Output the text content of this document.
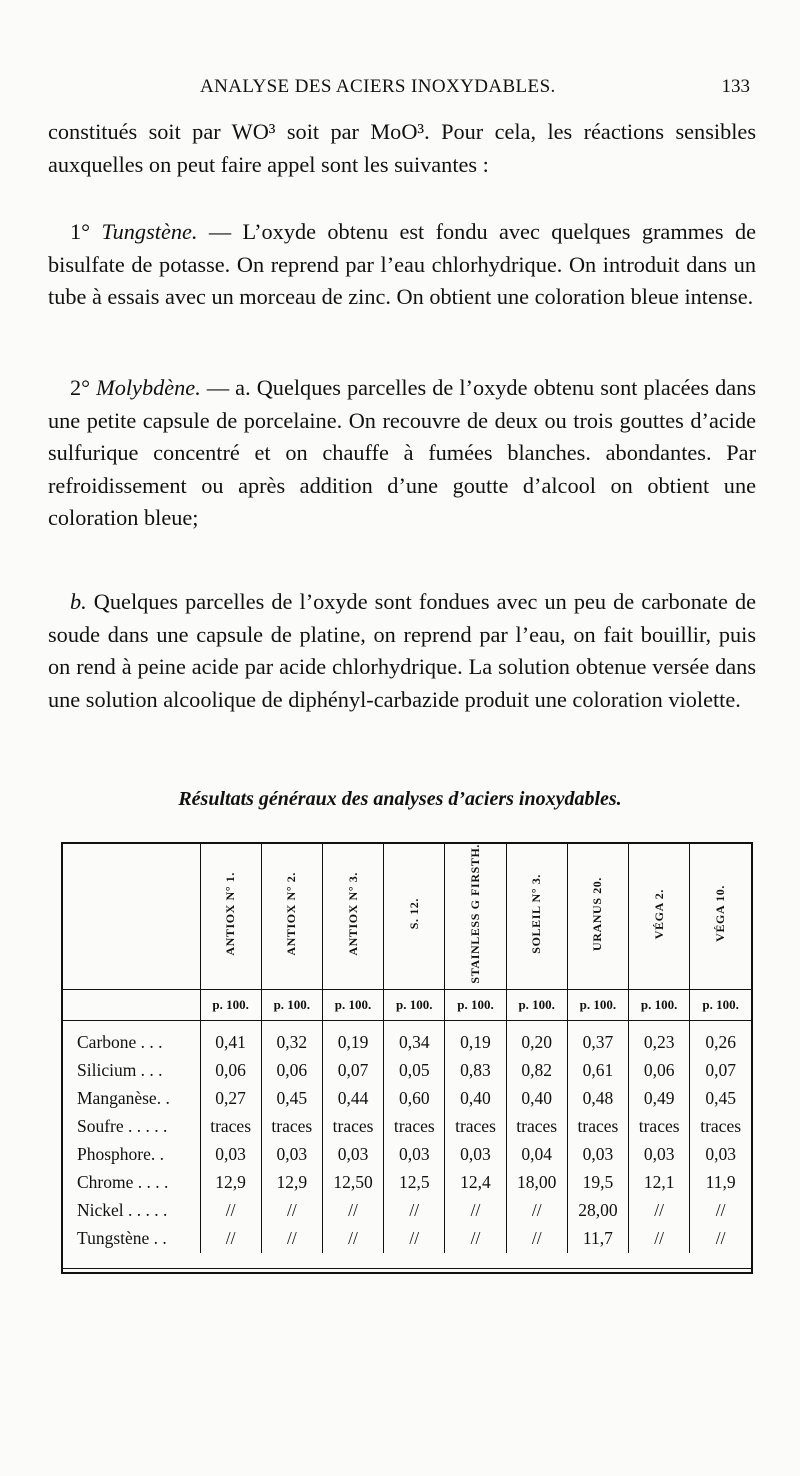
ANALYSE DES ACIERS INOXYDABLES.	133

constitués soit par WO³ soit par MoO³. Pour cela, les réactions sensibles auxquelles on peut faire appel sont les suivantes :

1° Tungstène. — L’oxyde obtenu est fondu avec quelques grammes de bisulfate de potasse. On reprend par l’eau chlorhydrique. On introduit dans un tube à essais avec un morceau de zinc. On obtient une coloration bleue intense.

2° Molybdène. — a. Quelques parcelles de l’oxyde obtenu sont placées dans une petite capsule de porcelaine. On recouvre de deux ou trois gouttes d’acide sulfurique concentré et on chauffe à fumées blanches. abondantes. Par refroidissement ou après addition d’une goutte d’alcool on obtient une coloration bleue;

b. Quelques parcelles de l’oxyde sont fondues avec un peu de carbonate de soude dans une capsule de platine, on reprend par l’eau, on fait bouillir, puis on rend à peine acide par acide chlorhydrique. La solution obtenue versée dans une solution alcoolique de diphényl-carbazide produit une coloration violette.

Résultats généraux des analyses d’aciers inoxydables.
	ANTIOX N° 1.	ANTIOX N° 2.	ANTIOX N° 3.	S. 12.	STAINLESS G FIRSTH.	SOLEIL N° 3.	URANUS 20.	VÉGA 2.	VÉGA 10.
	p. 100.	p. 100.	p. 100.	p. 100.	p. 100.	p. 100.	p. 100.	p. 100.	p. 100.
Carbone . . .	0,41	0,32	0,19	0,34	0,19	0,20	0,37	0,23	0,26
Silicium . . .	0,06	0,06	0,07	0,05	0,83	0,82	0,61	0,06	0,07
Manganèse. .	0,27	0,45	0,44	0,60	0,40	0,40	0,48	0,49	0,45
Soufre . . . . .	traces	traces	traces	traces	traces	traces	traces	traces	traces
Phosphore. .	0,03	0,03	0,03	0,03	0,03	0,04	0,03	0,03	0,03
Chrome . . . .	12,9	12,9	12,50	12,5	12,4	18,00	19,5	12,1	11,9
Nickel . . . . .	//	//	//	//	//	//	28,00	//	//
Tungstène . .	//	//	//	//	//	//	11,7	//	//
